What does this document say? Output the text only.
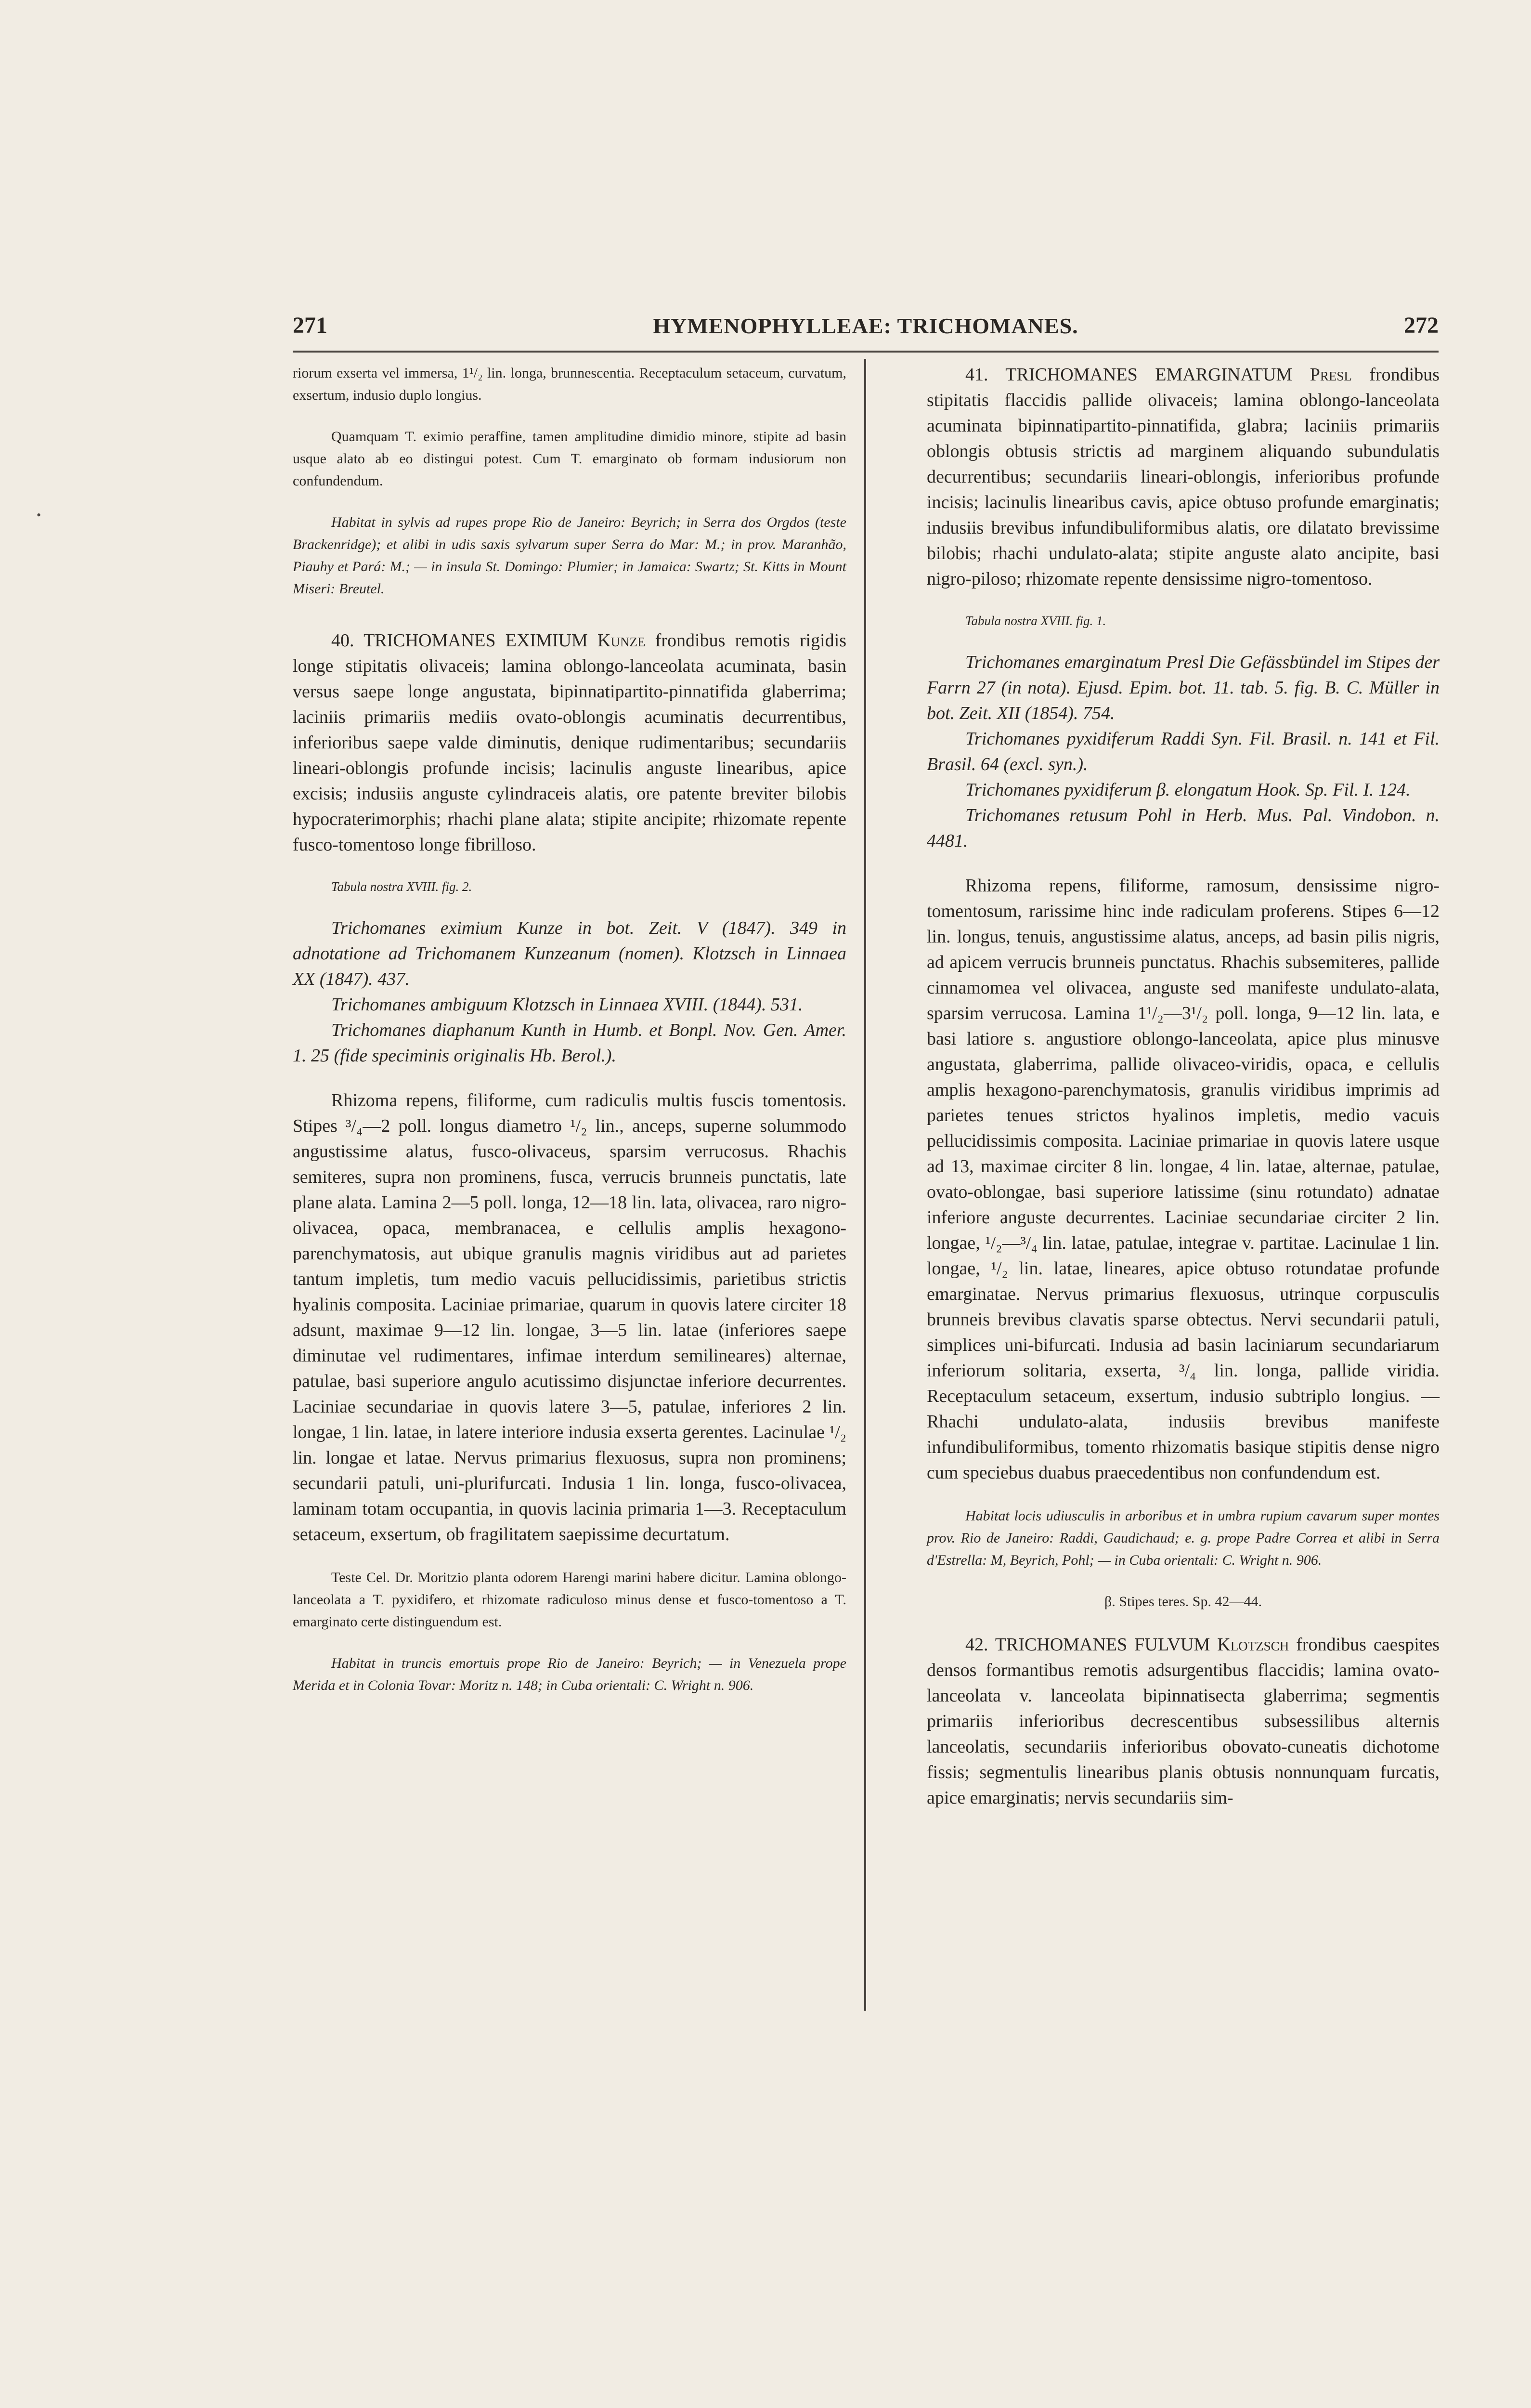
271	HYMENOPHYLLEAE: TRICHOMANES.	272
•

riorum exserta vel immersa, 1¹/₂ lin. longa, brunnescentia. Receptaculum setaceum, curvatum, exsertum, indusio duplo longius.

Quamquam T. eximio peraffine, tamen amplitudine dimidio minore, stipite ad basin usque alato ab eo distingui potest. Cum T. emarginato ob formam indusiorum non confundendum.

Habitat in sylvis ad rupes prope Rio de Janeiro: Beyrich; in Serra dos Orgdos (teste Brackenridge); et alibi in udis saxis sylvarum super Serra do Mar: M.; in prov. Maranhão, Piauhy et Pará: M.; — in insula St. Domingo: Plumier; in Jamaica: Swartz; St. Kitts in Mount Miseri: Breutel.

40. TRICHOMANES EXIMIUM Kunze frondibus remotis rigidis longe stipitatis olivaceis; lamina oblongo-lanceolata acuminata, basin versus saepe longe angustata, bipinnatipartito-pinnatifida glaberrima; laciniis primariis mediis ovato-oblongis acuminatis decurrentibus, inferioribus saepe valde diminutis, denique rudimentaribus; secundariis lineari-oblongis profunde incisis; lacinulis anguste linearibus, apice excisis; indusiis anguste cylindraceis alatis, ore patente breviter bilobis hypocraterimorphis; rhachi plane alata; stipite ancipite; rhizomate repente fusco-tomentoso longe fibrilloso.

Tabula nostra XVIII. fig. 2.

Trichomanes eximium Kunze in bot. Zeit. V (1847). 349 in adnotatione ad Trichomanem Kunzeanum (nomen). Klotzsch in Linnaea XX (1847). 437.

Trichomanes ambiguum Klotzsch in Linnaea XVIII. (1844). 531.

Trichomanes diaphanum Kunth in Humb. et Bonpl. Nov. Gen. Amer. 1. 25 (fide speciminis originalis Hb. Berol.).

Rhizoma repens, filiforme, cum radiculis multis fuscis tomentosis. Stipes ³/₄—2 poll. longus diametro ¹/₂ lin., anceps, superne solummodo angustissime alatus, fusco-olivaceus, sparsim verrucosus. Rhachis semiteres, supra non prominens, fusca, verrucis brunneis punctatis, late plane alata. Lamina 2—5 poll. longa, 12—18 lin. lata, olivacea, raro nigro-olivacea, opaca, membranacea, e cellulis amplis hexagono-parenchymatosis, aut ubique granulis magnis viridibus aut ad parietes tantum impletis, tum medio vacuis pellucidissimis, parietibus strictis hyalinis composita. Laciniae primariae, quarum in quovis latere circiter 18 adsunt, maximae 9—12 lin. longae, 3—5 lin. latae (inferiores saepe diminutae vel rudimentares, infimae interdum semilineares) alternae, patulae, basi superiore angulo acutissimo disjunctae inferiore decurrentes. Laciniae secundariae in quovis latere 3—5, patulae, inferiores 2 lin. longae, 1 lin. latae, in latere interiore indusia exserta gerentes. Lacinulae ¹/₂ lin. longae et latae. Nervus primarius flexuosus, supra non prominens; secundarii patuli, uni-plurifurcati. Indusia 1 lin. longa, fusco-olivacea, laminam totam occupantia, in quovis lacinia primaria 1—3. Receptaculum setaceum, exsertum, ob fragilitatem saepissime decurtatum.

Teste Cel. Dr. Moritzio planta odorem Harengi marini habere dicitur. Lamina oblongo-lanceolata a T. pyxidifero, et rhizomate radiculoso minus dense et fusco-tomentoso a T. emarginato certe distinguendum est.

Habitat in truncis emortuis prope Rio de Janeiro: Beyrich; — in Venezuela prope Merida et in Colonia Tovar: Moritz n. 148; in Cuba orientali: C. Wright n. 906.

41. TRICHOMANES EMARGINATUM Presl frondibus stipitatis flaccidis pallide olivaceis; lamina oblongo-lanceolata acuminata bipinnatipartito-pinnatifida, glabra; laciniis primariis oblongis obtusis strictis ad marginem aliquando subundulatis decurrentibus; secundariis lineari-oblongis, inferioribus profunde incisis; lacinulis linearibus cavis, apice obtuso profunde emarginatis; indusiis brevibus infundibuliformibus alatis, ore dilatato brevissime bilobis; rhachi undulato-alata; stipite anguste alato ancipite, basi nigro-piloso; rhizomate repente densissime nigro-tomentoso.

Tabula nostra XVIII. fig. 1.

Trichomanes emarginatum Presl Die Gefässbündel im Stipes der Farrn 27 (in nota). Ejusd. Epim. bot. 11. tab. 5. fig. B. C. Müller in bot. Zeit. XII (1854). 754.

Trichomanes pyxidiferum Raddi Syn. Fil. Brasil. n. 141 et Fil. Brasil. 64 (excl. syn.).

Trichomanes pyxidiferum β. elongatum Hook. Sp. Fil. I. 124.

Trichomanes retusum Pohl in Herb. Mus. Pal. Vindobon. n. 4481.

Rhizoma repens, filiforme, ramosum, densissime nigro-tomentosum, rarissime hinc inde radiculam proferens. Stipes 6—12 lin. longus, tenuis, angustissime alatus, anceps, ad basin pilis nigris, ad apicem verrucis brunneis punctatus. Rhachis subsemiteres, pallide cinnamomea vel olivacea, anguste sed manifeste undulato-alata, sparsim verrucosa. Lamina 1¹/₂—3¹/₂ poll. longa, 9—12 lin. lata, e basi latiore s. angustiore oblongo-lanceolata, apice plus minusve angustata, glaberrima, pallide olivaceo-viridis, opaca, e cellulis amplis hexagono-parenchymatosis, granulis viridibus imprimis ad parietes tenues strictos hyalinos impletis, medio vacuis pellucidissimis composita. Laciniae primariae in quovis latere usque ad 13, maximae circiter 8 lin. longae, 4 lin. latae, alternae, patulae, ovato-oblongae, basi superiore latissime (sinu rotundato) adnatae inferiore anguste decurrentes. Laciniae secundariae circiter 2 lin. longae, ¹/₂—³/₄ lin. latae, patulae, integrae v. partitae. Lacinulae 1 lin. longae, ¹/₂ lin. latae, lineares, apice obtuso rotundatae profunde emarginatae. Nervus primarius flexuosus, utrinque corpusculis brunneis brevibus clavatis sparse obtectus. Nervi secundarii patuli, simplices uni-bifurcati. Indusia ad basin laciniarum secundariarum inferiorum solitaria, exserta, ³/₄ lin. longa, pallide viridia. Receptaculum setaceum, exsertum, indusio subtriplo longius. — Rhachi undulato-alata, indusiis brevibus manifeste infundibuliformibus, tomento rhizomatis basique stipitis dense nigro cum speciebus duabus praecedentibus non confundendum est.

Habitat locis udiusculis in arboribus et in umbra rupium cavarum super montes prov. Rio de Janeiro: Raddi, Gaudichaud; e. g. prope Padre Correa et alibi in Serra d'Estrella: M, Beyrich, Pohl; — in Cuba orientali: C. Wright n. 906.

β. Stipes teres. Sp. 42—44.

42. TRICHOMANES FULVUM Klotzsch frondibus caespites densos formantibus remotis adsurgentibus flaccidis; lamina ovato-lanceolata v. lanceolata bipinnatisecta glaberrima; segmentis primariis inferioribus decrescentibus subsessilibus alternis lanceolatis, secundariis inferioribus obovato-cuneatis dichotome fissis; segmentulis linearibus planis obtusis nonnunquam furcatis, apice emarginatis; nervis secundariis sim-
